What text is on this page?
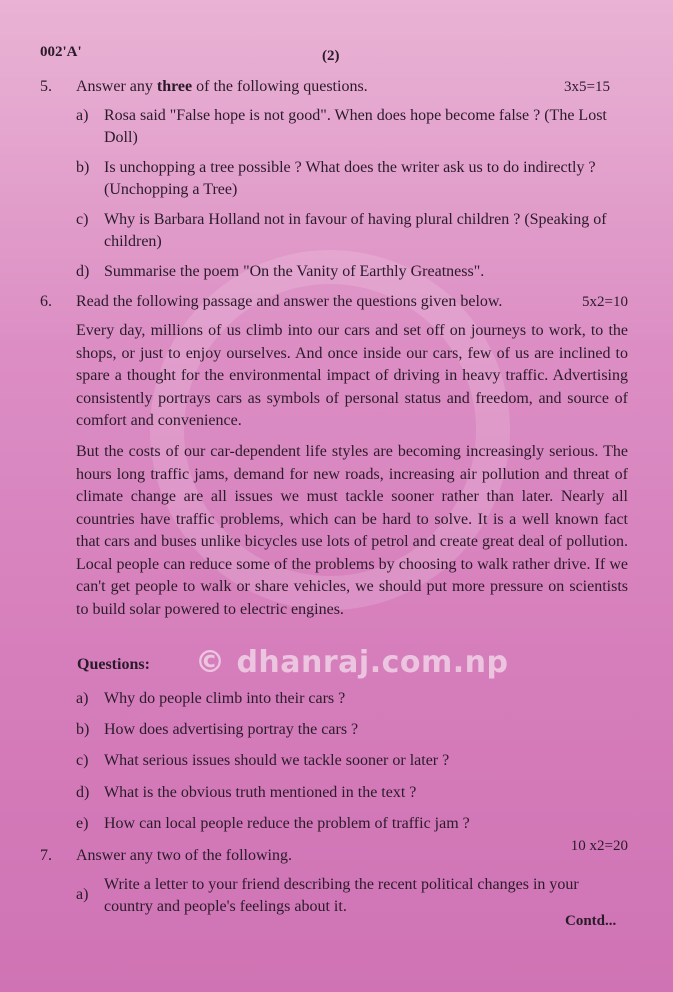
© dhanraj.com.np
002'A'	(2)
5. Answer any three of the following questions.	3x5=15
a) Rosa said "False hope is not good". When does hope become false ? (The Lost Doll)
b) Is unchopping a tree possible ? What does the writer ask us to do indirectly ? (Unchopping a Tree)
c) Why is Barbara Holland not in favour of having plural children ? (Speaking of children)
d) Summarise the poem "On the Vanity of Earthly Greatness".
6. Read the following passage and answer the questions given below.	5x2=10
Every day, millions of us climb into our cars and set off on journeys to work, to the shops, or just to enjoy ourselves. And once inside our cars, few of us are inclined to spare a thought for the environmental impact of driving in heavy traffic. Advertising consistently portrays cars as symbols of personal status and freedom, and source of comfort and convenience.
But the costs of our car-dependent life styles are becoming increasingly serious. The hours long traffic jams, demand for new roads, increasing air pollution and threat of climate change are all issues we must tackle sooner rather than later. Nearly all countries have traffic problems, which can be hard to solve. It is a well known fact that cars and buses unlike bicycles use lots of petrol and create great deal of pollution. Local people can reduce some of the problems by choosing to walk rather drive. If we can't get people to walk or share vehicles, we should put more pressure on scientists to build solar powered to electric engines.
Questions:
a) Why do people climb into their cars ?
b) How does advertising portray the cars ?
c) What serious issues should we tackle sooner or later ?
d) What is the obvious truth mentioned in the text ?
e) How can local people reduce the problem of traffic jam ?
7. Answer any two of the following.
10 x2=20
a)
Write a letter to your friend describing the recent political changes in your country and people's feelings about it.
Contd...
